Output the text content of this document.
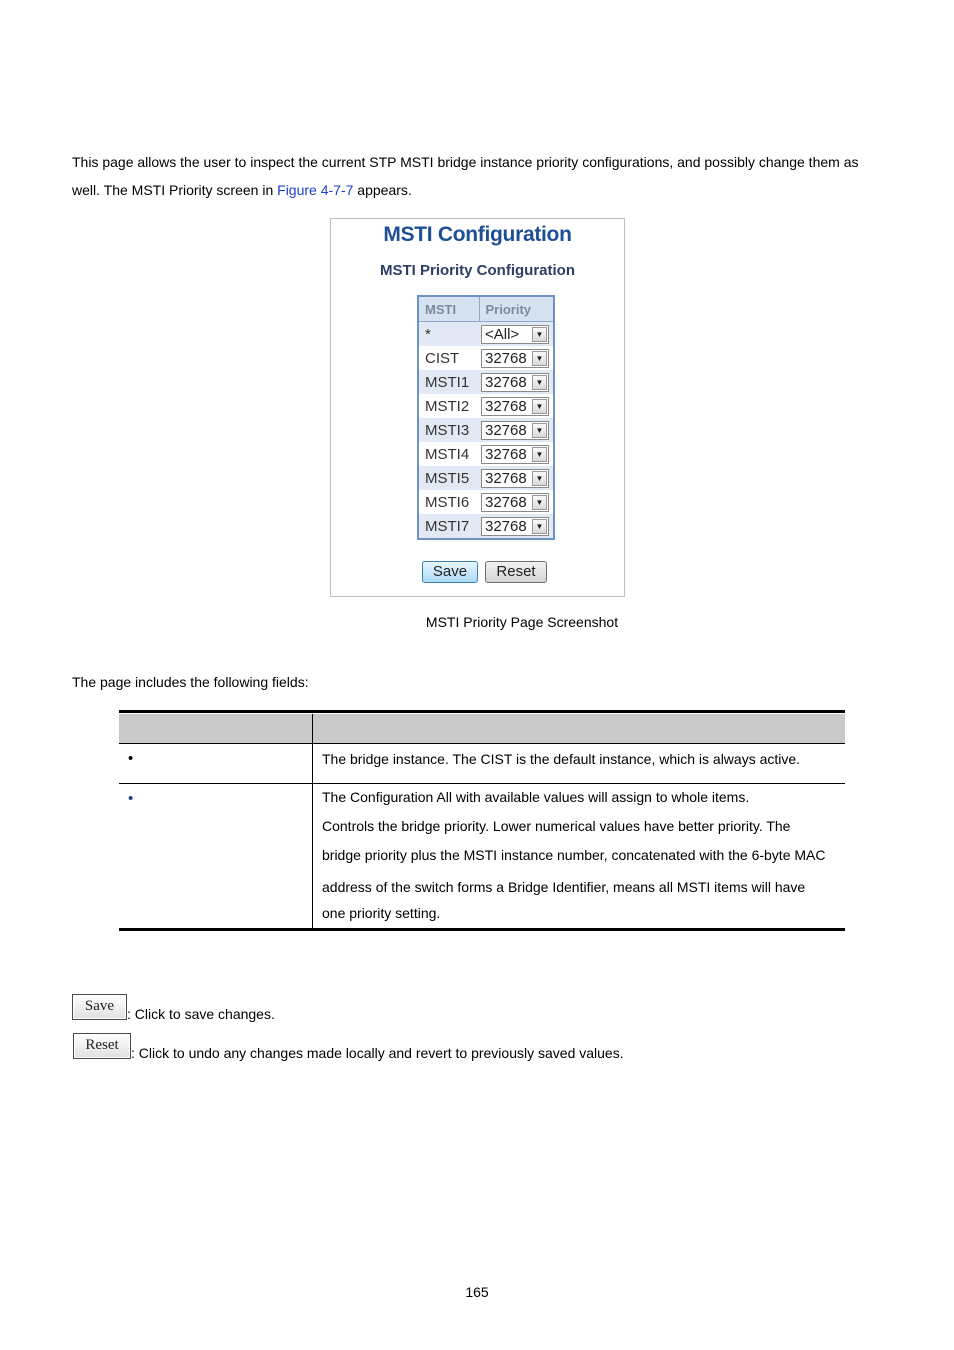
This page allows the user to inspect the current STP MSTI bridge instance priority configurations, and possibly change them as
well. The MSTI Priority screen in Figure 4-7-7 appears.
MSTI Configuration
MSTI Priority Configuration
MSTI	Priority
*	<All> ▼

CIST	32768 ▼

MSTI1	32768 ▼

MSTI2	32768 ▼

MSTI3	32768 ▼

MSTI4	32768 ▼

MSTI5	32768 ▼

MSTI6	32768 ▼

MSTI7	32768 ▼
Save	Reset
MSTI Priority Page Screenshot
The page includes the following fields:
•	The bridge instance. The CIST is the default instance, which is always active.
•	The Configuration All with available values will assign to whole items.
Controls the bridge priority. Lower numerical values have better priority. The
bridge priority plus the MSTI instance number, concatenated with the 6-byte MAC
address of the switch forms a Bridge Identifier, means all MSTI items will have
one priority setting.
Save : Click to save changes.
Reset : Click to undo any changes made locally and revert to previously saved values.
165
